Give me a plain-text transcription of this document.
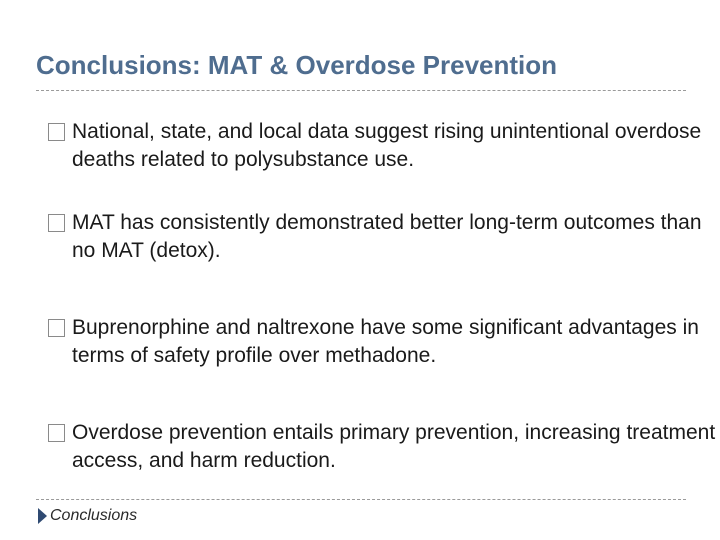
Conclusions: MAT & Overdose Prevention
National, state, and local data suggest rising unintentional overdose deaths related to polysubstance use.
MAT has consistently demonstrated better long-term outcomes than no MAT (detox).
Buprenorphine and naltrexone have some significant advantages in terms of safety profile over methadone.
Overdose prevention entails primary prevention, increasing treatment access, and harm reduction.
Conclusions
